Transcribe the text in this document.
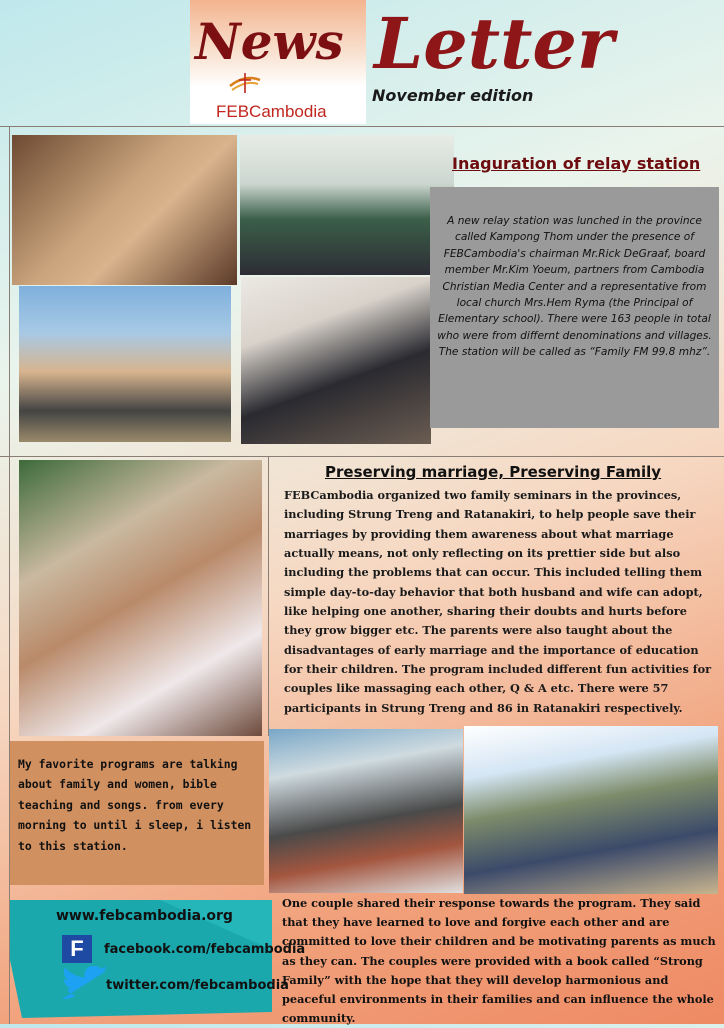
News Letter
November edition
FEBCambodia
Inaguration of relay station

A new relay station was lunched in the province called Kampong Thom under the presence of FEBCambodia's chairman Mr.Rick DeGraaf, board member Mr.Kim Yoeum, partners from Cambodia Christian Media Center and a representative from local church Mrs.Hem Ryma (the Principal of Elementary school). There were 163 people in total who were from differnt denominations and villages. The station will be called as “Family FM 99.8 mhz”.

Preserving marriage, Preserving Family

FEBCambodia organized two family seminars in the provinces, including Strung Treng and Ratanakiri, to help people save their marriages by providing them awareness about what marriage actually means, not only reflecting on its prettier side but also including the problems that can occur. This included telling them simple day-to-day behavior that both husband and wife can adopt, like helping one another, sharing their doubts and hurts before they grow bigger etc. The parents were also taught about the disadvantages of early marriage and the importance of education for their children. The program included different fun activities for couples like massaging each other, Q & A etc. There were 57 participants in Strung Treng and 86 in Ratanakiri respectively.

My favorite programs are talking about family and women, bible teaching and songs. from every morning to until i sleep, i listen to this station.

One couple shared their response towards the program. They said that they have learned to love and forgive each other and are committed to love their children and be motivating parents as much as they can. The couples were provided with a book called “Strong Family” with the hope that they will develop harmonious and peaceful environments in their families and can influence the whole community.

www.febcambodia.org
F	facebook.com/febcambodia
twitter.com/febcambodia
